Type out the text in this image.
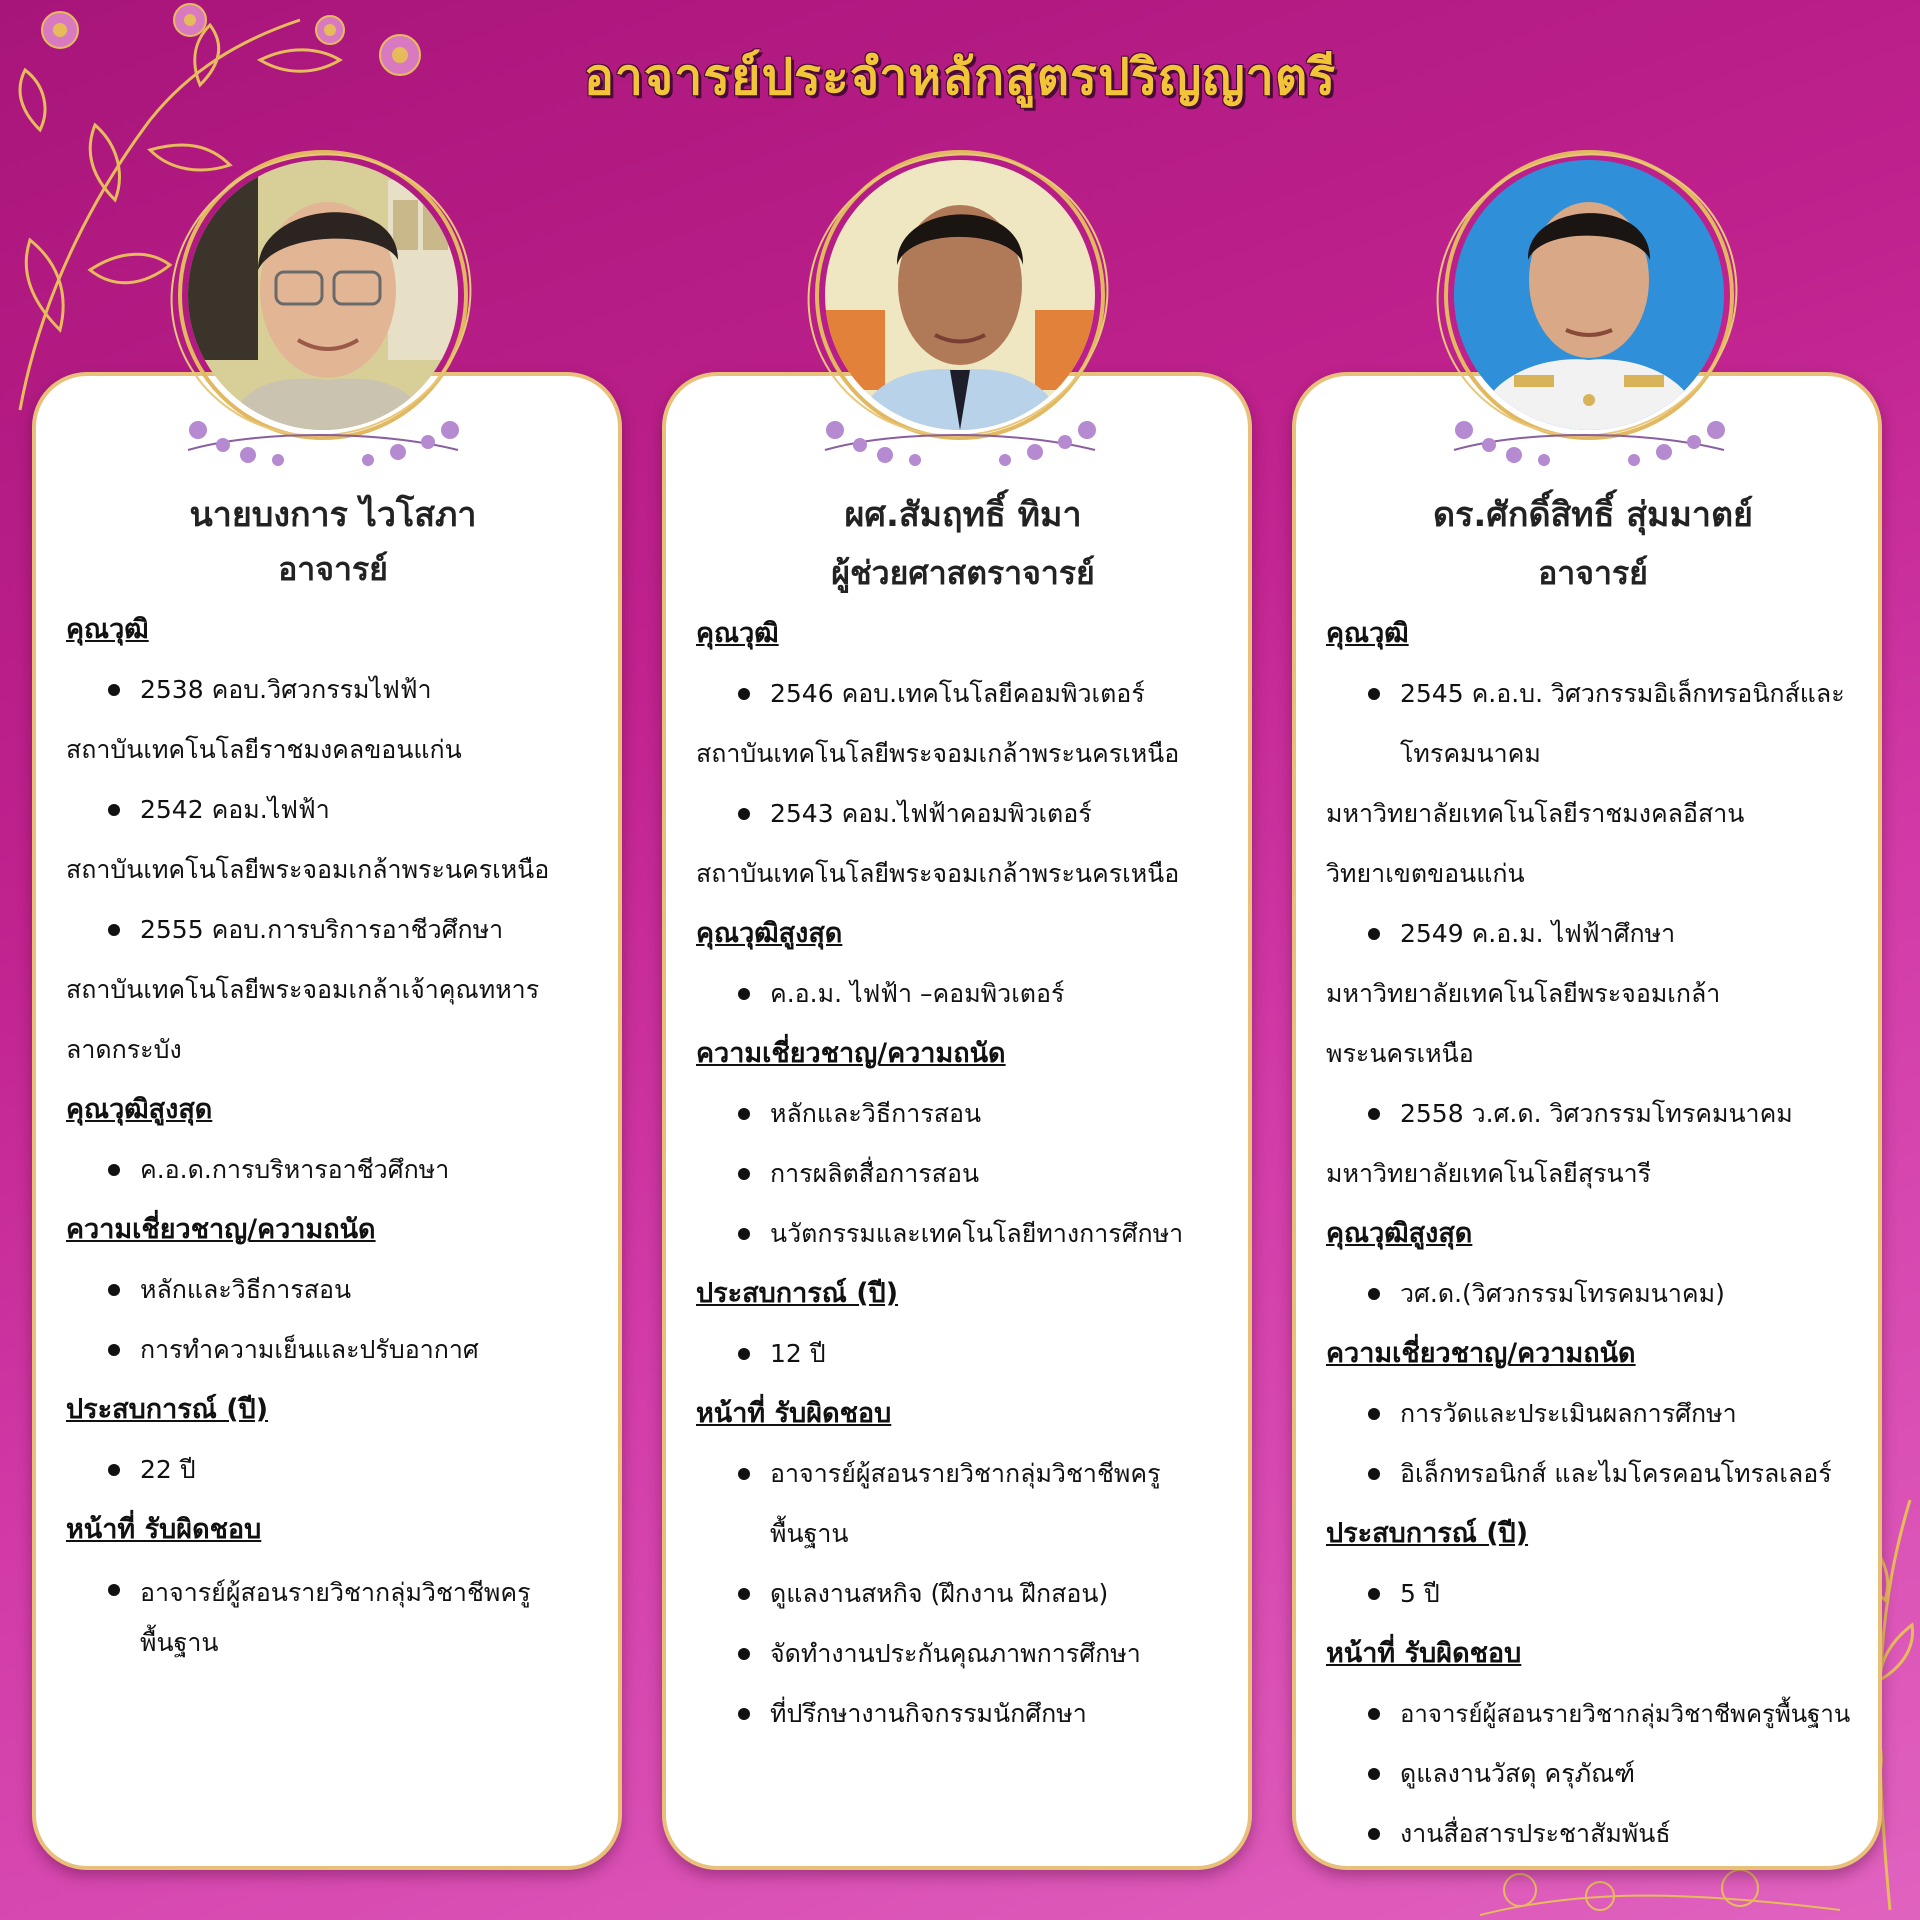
อาจารย์ประจำหลักสูตรปริญญาตรี
นายบงการ ไวโสภา
อาจารย์
คุณวุฒิ
2538 คอบ.วิศวกรรมไฟฟ้า
สถาบันเทคโนโลยีราชมงคลขอนแก่น
2542 คอม.ไฟฟ้า
สถาบันเทคโนโลยีพระจอมเกล้าพระนครเหนือ
2555 คอบ.การบริการอาชีวศึกษา
สถาบันเทคโนโลยีพระจอมเกล้าเจ้าคุณทหาร
ลาดกระบัง
คุณวุฒิสูงสุด
ค.อ.ด.การบริหารอาชีวศึกษา
ความเชี่ยวชาญ/ความถนัด
หลักและวิธีการสอน
การทำความเย็นและปรับอากาศ
ประสบการณ์ (ปี)
22 ปี
หน้าที่ รับผิดชอบ
อาจารย์ผู้สอนรายวิชากลุ่มวิชาชีพครู
พื้นฐาน
ผศ.สัมฤทธิ์ ทิมา
ผู้ช่วยศาสตราจารย์
คุณวุฒิ
2546 คอบ.เทคโนโลยีคอมพิวเตอร์
สถาบันเทคโนโลยีพระจอมเกล้าพระนครเหนือ
2543 คอม.ไฟฟ้าคอมพิวเตอร์
สถาบันเทคโนโลยีพระจอมเกล้าพระนครเหนือ
คุณวุฒิสูงสุด
ค.อ.ม. ไฟฟ้า –คอมพิวเตอร์
ความเชี่ยวชาญ/ความถนัด
หลักและวิธีการสอน
การผลิตสื่อการสอน
นวัตกรรมและเทคโนโลยีทางการศึกษา
ประสบการณ์ (ปี)
12 ปี
หน้าที่ รับผิดชอบ
อาจารย์ผู้สอนรายวิชากลุ่มวิชาชีพครู
พื้นฐาน
ดูแลงานสหกิจ (ฝึกงาน ฝึกสอน)
จัดทำงานประกันคุณภาพการศึกษา
ที่ปรึกษางานกิจกรรมนักศึกษา
ดร.ศักดิ์สิทธิ์ สุ่มมาตย์
อาจารย์
คุณวุฒิ
2545 ค.อ.บ. วิศวกรรมอิเล็กทรอนิกส์และ
โทรคมนาคม
มหาวิทยาลัยเทคโนโลยีราชมงคลอีสาน
วิทยาเขตขอนแก่น
2549 ค.อ.ม. ไฟฟ้าศึกษา
มหาวิทยาลัยเทคโนโลยีพระจอมเกล้า
พระนครเหนือ
2558 ว.ศ.ด. วิศวกรรมโทรคมนาคม
มหาวิทยาลัยเทคโนโลยีสุรนารี
คุณวุฒิสูงสุด
วศ.ด.(วิศวกรรมโทรคมนาคม)
ความเชี่ยวชาญ/ความถนัด
การวัดและประเมินผลการศึกษา
อิเล็กทรอนิกส์ และไมโครคอนโทรลเลอร์
ประสบการณ์ (ปี)
5 ปี
หน้าที่ รับผิดชอบ
อาจารย์ผู้สอนรายวิชากลุ่มวิชาชีพครูพื้นฐาน
ดูแลงานวัสดุ ครุภัณฑ์
งานสื่อสารประชาสัมพันธ์
